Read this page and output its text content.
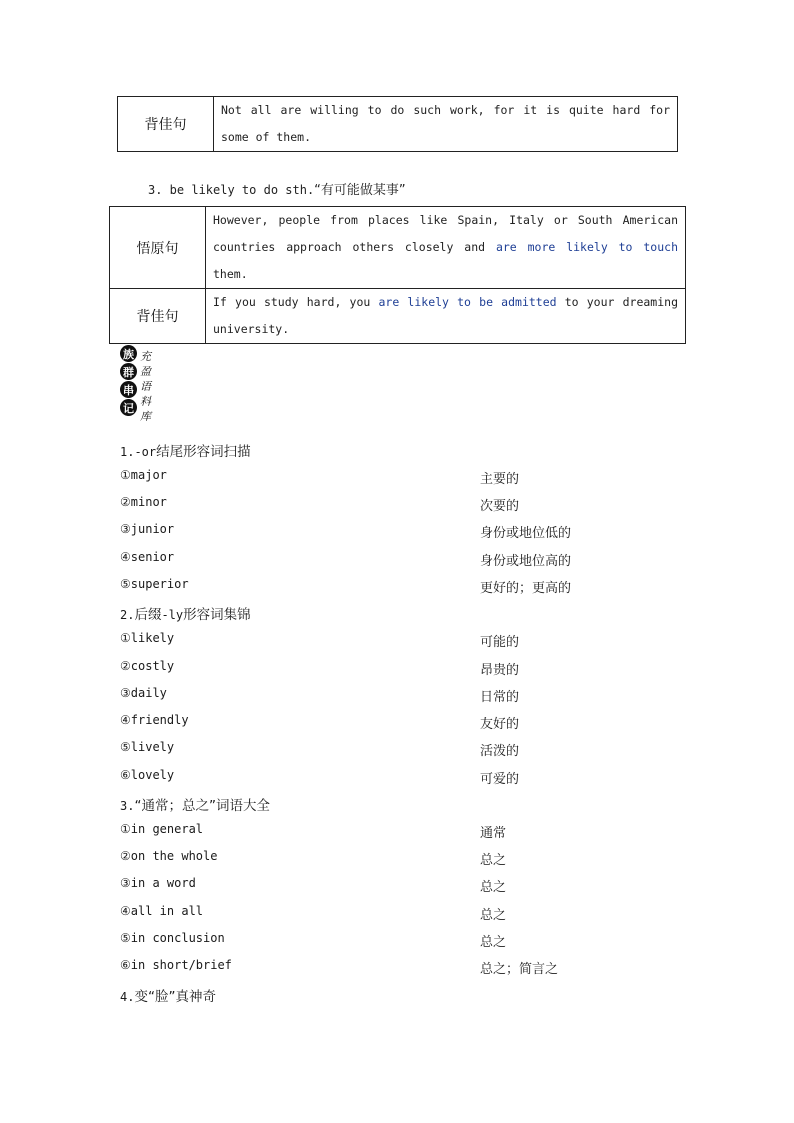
背佳句	Not all are willing to do such work, for it is quite hard for some of them.
3. be likely to do sth.“有可能做某事”
悟原句	However, people from places like Spain, Italy or South American countries approach others closely and are more likely to touch them.
背佳句	If you study hard, you are likely to be admitted to your dreaming university.
族
群
串
记
充
盈
语
料
库
1.-or结尾形容词扫描
①major	主要的
②minor	次要的
③junior	身份或地位低的
④senior	身份或地位高的
⑤superior	更好的；更高的
2.后缀-ly形容词集锦
①likely	可能的
②costly	昂贵的
③daily	日常的
④friendly	友好的
⑤lively	活泼的
⑥lovely	可爱的
3.“通常；总之”词语大全
①in general	通常
②on the whole	总之
③in a word	总之
④all in all	总之
⑤in conclusion	总之
⑥in short/brief	总之；简言之
4.变“脸”真神奇
